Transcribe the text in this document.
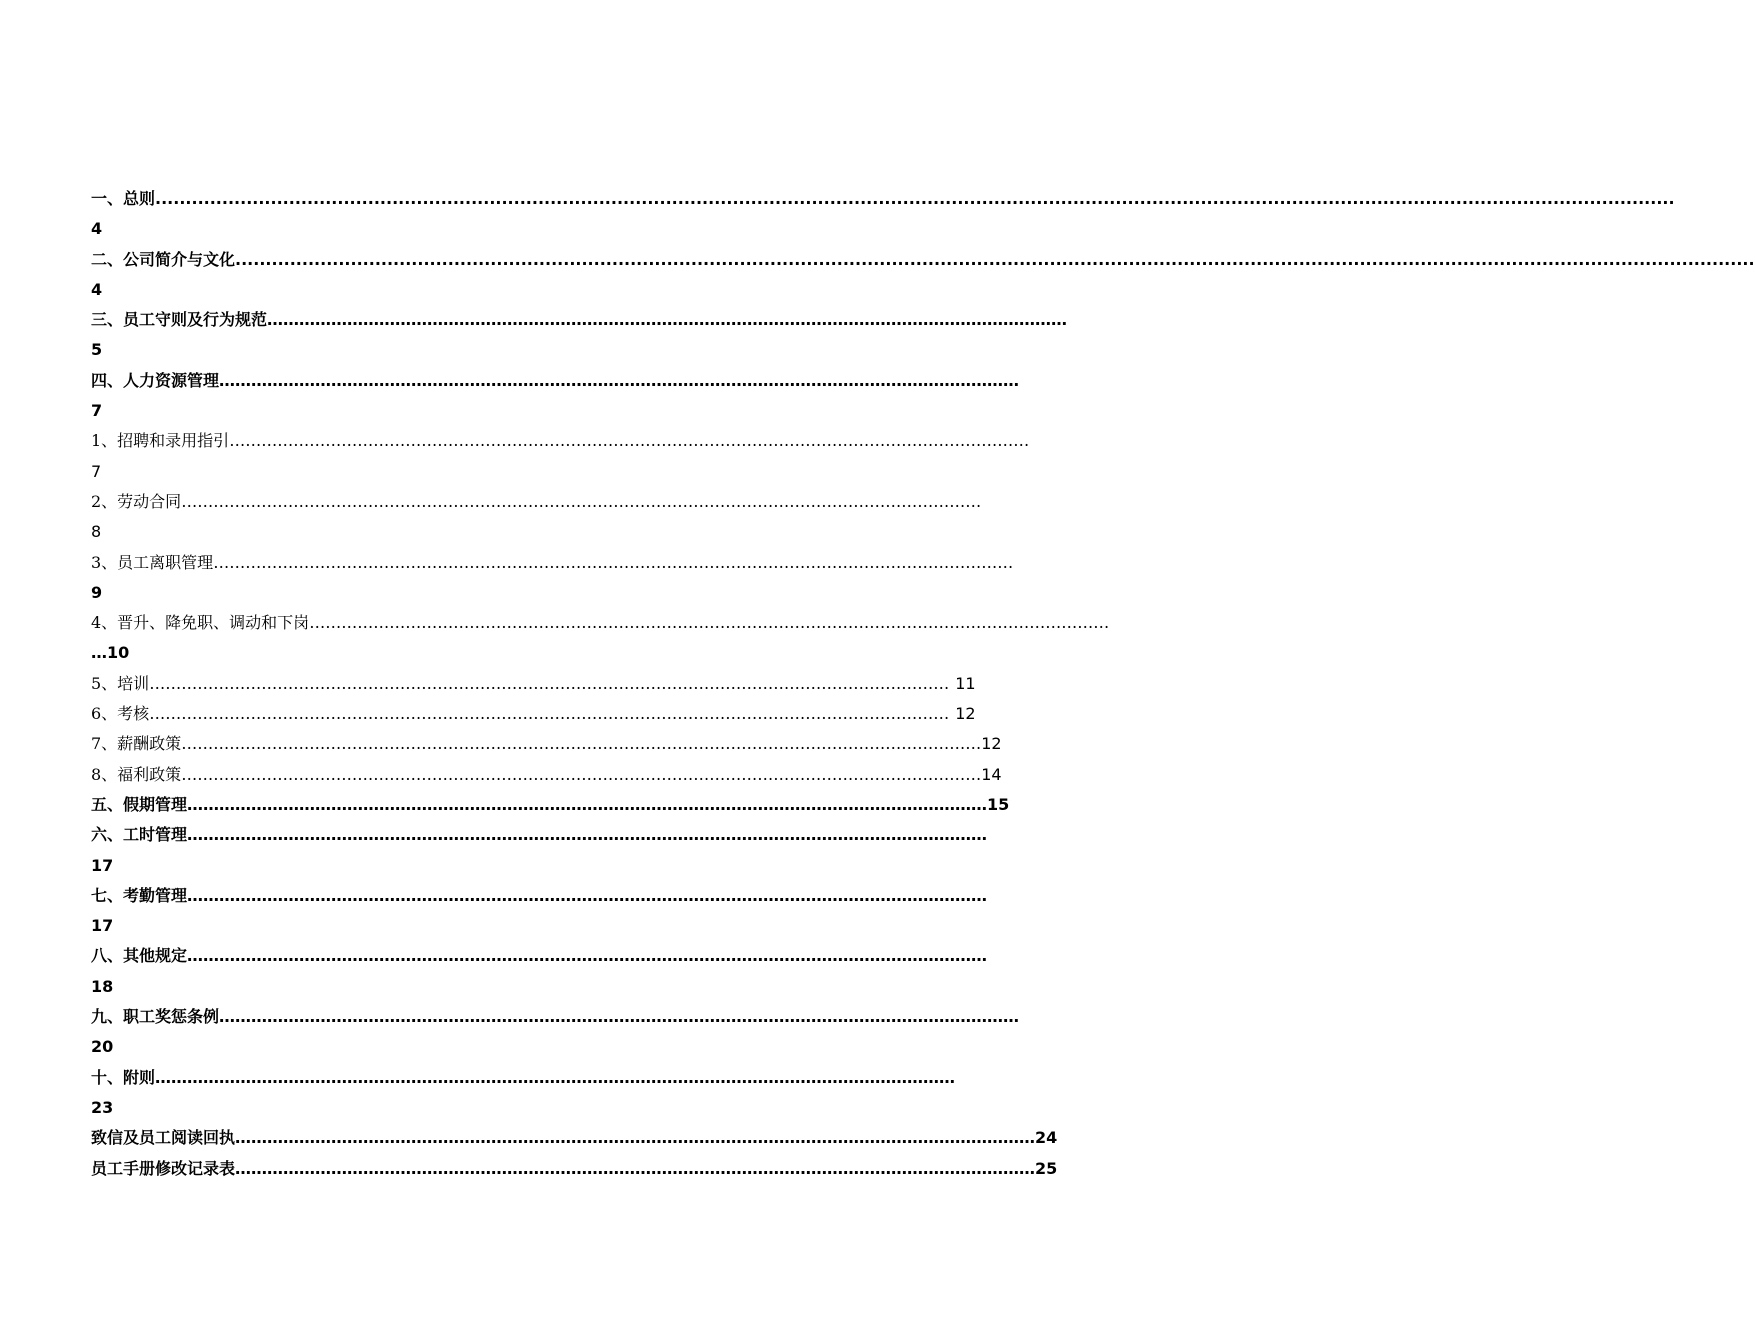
一、总则 ..........................................................................................................................................................................................................................................................
4
二、公司简介与文化 ..........................................................................................................................................................................................................................................................
4
三、员工守则及行为规范 ……………………………………………………………………………………………………………………………………
5
四、人力资源管理 ……………………………………………………………………………………………………………………………………
7
1、招聘和录用指引 ……………………………………………………………………………………………………………………………………
7
2、劳动合同 ……………………………………………………………………………………………………………………………………
8
3、员工离职管理 ……………………………………………………………………………………………………………………………………
9
4、晋升、降免职、调动和下岗 ……………………………………………………………………………………………………………………………………
…10
5、培训 …………………………………………………………………………………………………………………………………… 11
6、考核 …………………………………………………………………………………………………………………………………… 12
7、薪酬政策 …………………………………………………………………………………………………………………………………… 12
8、福利政策 …………………………………………………………………………………………………………………………………… 14
五、假期管理 …………………………………………………………………………………………………………………………………… 15
六、工时管理 ……………………………………………………………………………………………………………………………………
17
七、考勤管理 ……………………………………………………………………………………………………………………………………
17
八、其他规定 ……………………………………………………………………………………………………………………………………
18
九、职工奖惩条例 ……………………………………………………………………………………………………………………………………
20
十、附则 ……………………………………………………………………………………………………………………………………
23
致信及员工阅读回执 …………………………………………………………………………………………………………………………………… 24
员工手册修改记录表 …………………………………………………………………………………………………………………………………… 25
